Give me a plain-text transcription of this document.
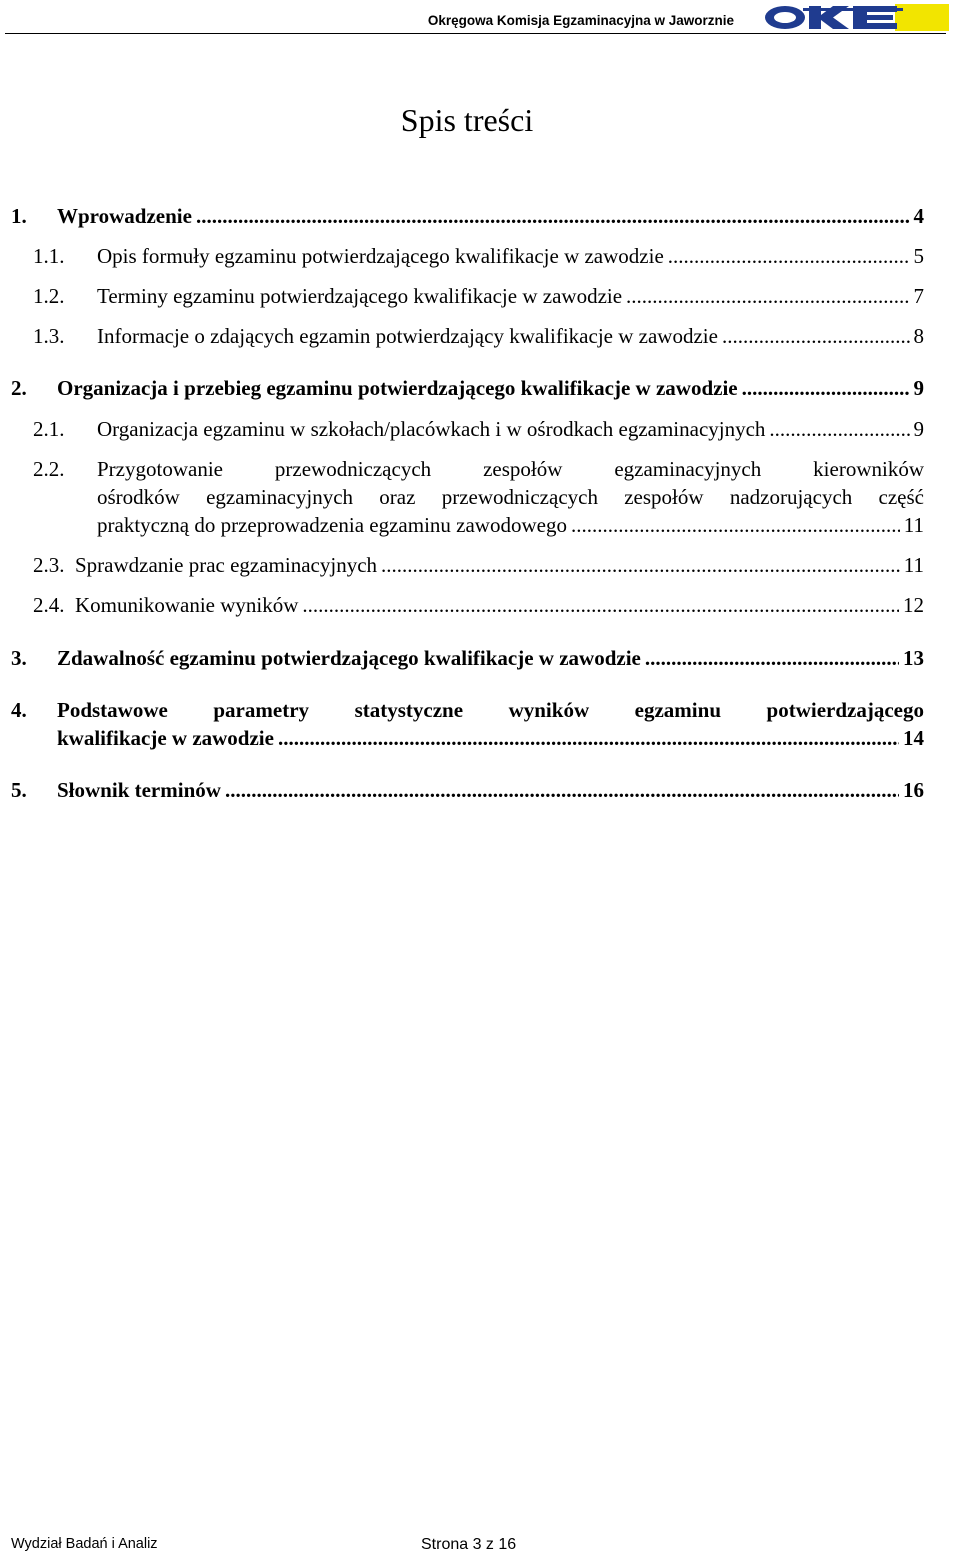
Okręgowa Komisja Egzaminacyjna w Jaworznie
Spis treści
1. Wprowadzenie .....	4
1.1. Opis formuły egzaminu potwierdzającego kwalifikacje w zawodzie .....	5
1.2. Terminy egzaminu potwierdzającego kwalifikacje w zawodzie .....	7
1.3. Informacje o zdających egzamin potwierdzający kwalifikacje w zawodzie .....	8
2. Organizacja i przebieg egzaminu potwierdzającego kwalifikacje w zawodzie .....	9
2.1. Organizacja egzaminu w szkołach/placówkach i w ośrodkach egzaminacyjnych .....	9
2.2. Przygotowanie przewodniczących zespołów egzaminacyjnych kierowników
ośrodków egzaminacyjnych oraz przewodniczących zespołów nadzorujących część
praktyczną do przeprowadzenia egzaminu zawodowego .....	11
2.3. Sprawdzanie prac egzaminacyjnych .....	11
2.4. Komunikowanie wyników .....	12
3. Zdawalność egzaminu potwierdzającego kwalifikacje w zawodzie .....	13
4. Podstawowe parametry statystyczne wyników egzaminu potwierdzającego
kwalifikacje w zawodzie .....	14
5. Słownik terminów .....	16
Wydział Badań i Analiz	Strona 3 z 16
